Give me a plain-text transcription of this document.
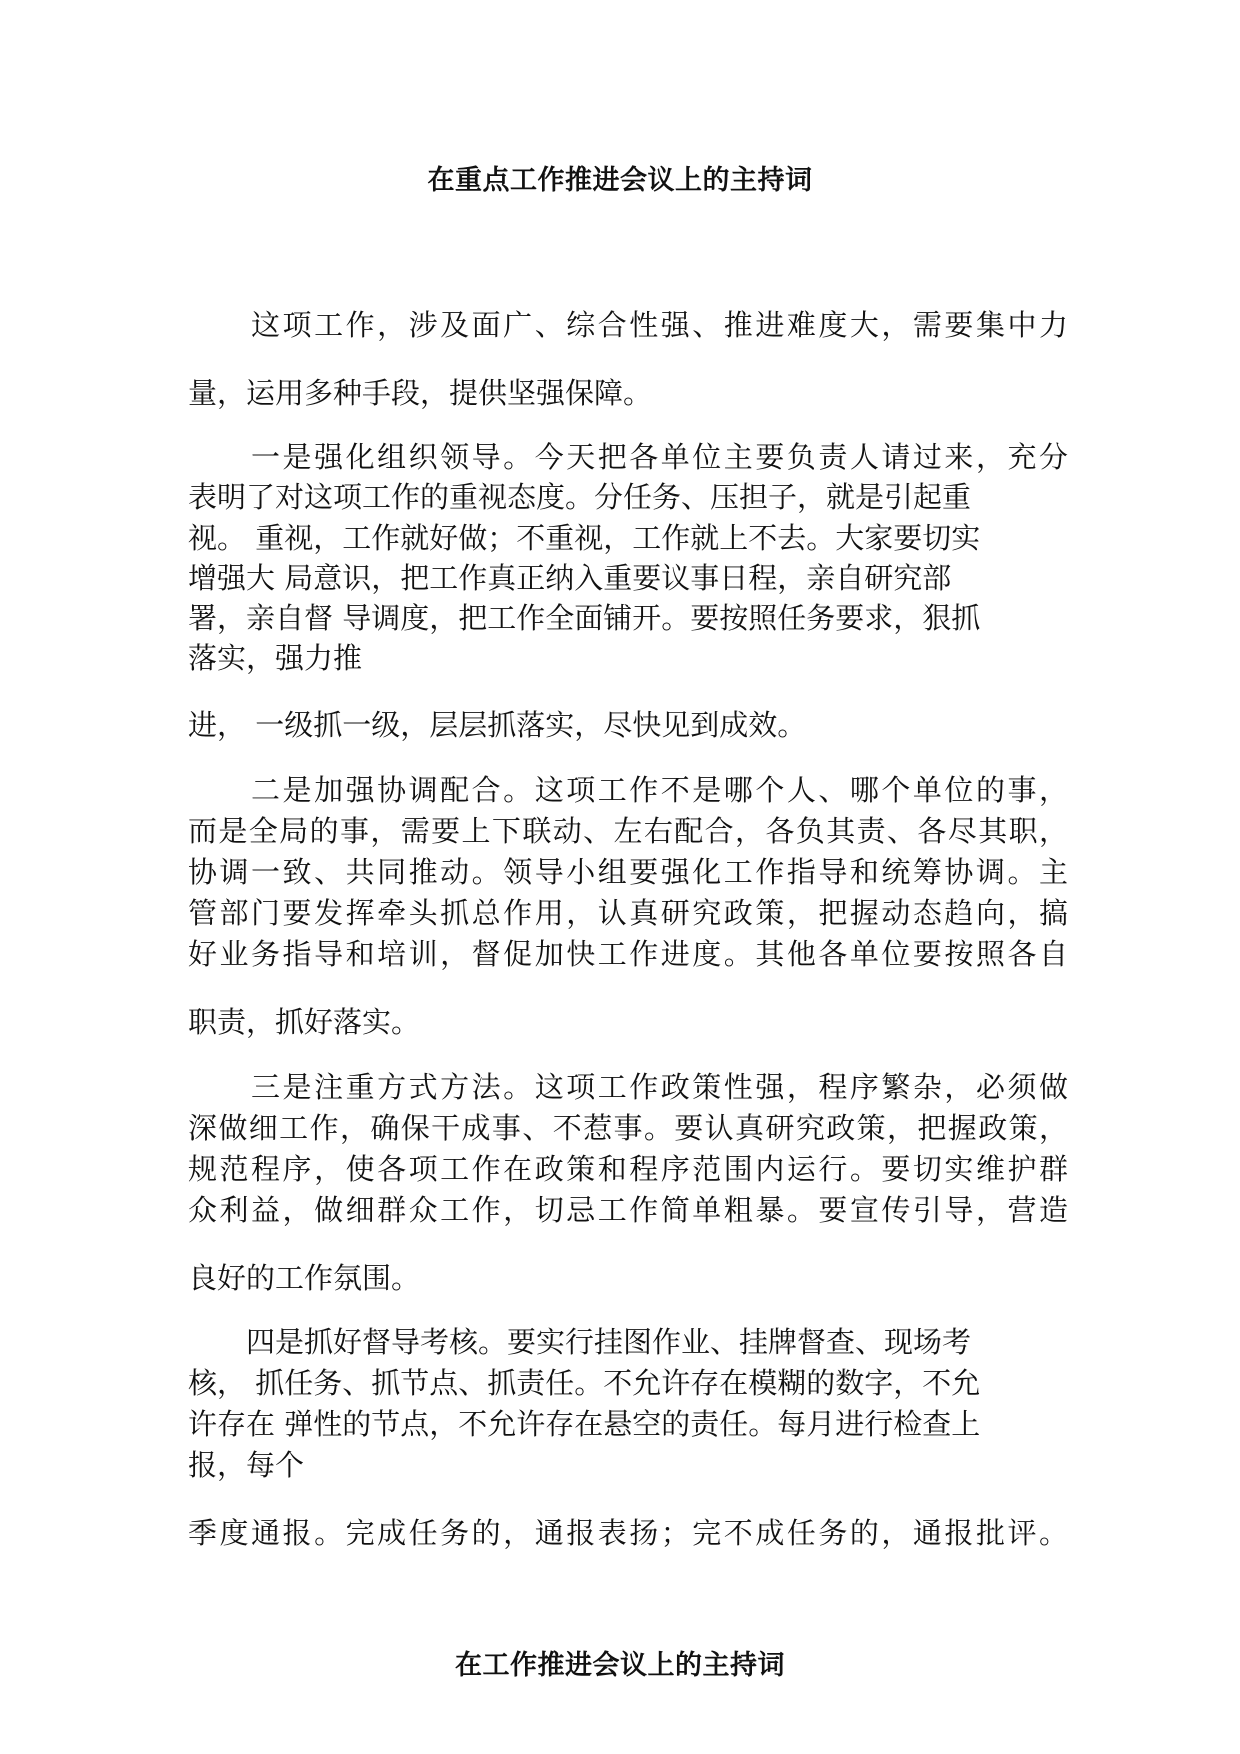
在重点工作推进会议上的主持词
　　这项工作，涉及面广、综合性强、推进难度大，需要集中力
量，运用多种手段，提供坚强保障。
　　一是强化组织领导。今天把各单位主要负责人请过来，充分
表明了对这项工作的重视态度。分任务、压担子，就是引起重
视。 重视，工作就好做；不重视，工作就上不去。大家要切实
增强大 局意识，把工作真正纳入重要议事日程，亲自研究部
署，亲自督 导调度，把工作全面铺开。要按照任务要求，狠抓
落实，强力推
进， 一级抓一级，层层抓落实，尽快见到成效。
　　二是加强协调配合。这项工作不是哪个人、哪个单位的事，
而是全局的事，需要上下联动、左右配合，各负其责、各尽其职，
协调一致、共同推动。领导小组要强化工作指导和统筹协调。主
管部门要发挥牵头抓总作用，认真研究政策，把握动态趋向，搞
好业务指导和培训，督促加快工作进度。其他各单位要按照各自
职责，抓好落实。
　　三是注重方式方法。这项工作政策性强，程序繁杂，必须做
深做细工作，确保干成事、不惹事。要认真研究政策，把握政策，
规范程序，使各项工作在政策和程序范围内运行。要切实维护群
众利益，做细群众工作，切忌工作简单粗暴。要宣传引导，营造
良好的工作氛围。
　　四是抓好督导考核。要实行挂图作业、挂牌督查、现场考
核， 抓任务、抓节点、抓责任。不允许存在模糊的数字，不允
许存在 弹性的节点，不允许存在悬空的责任。每月进行检查上
报，每个
季度通报。完成任务的，通报表扬；完不成任务的，通报批评。
在工作推进会议上的主持词
